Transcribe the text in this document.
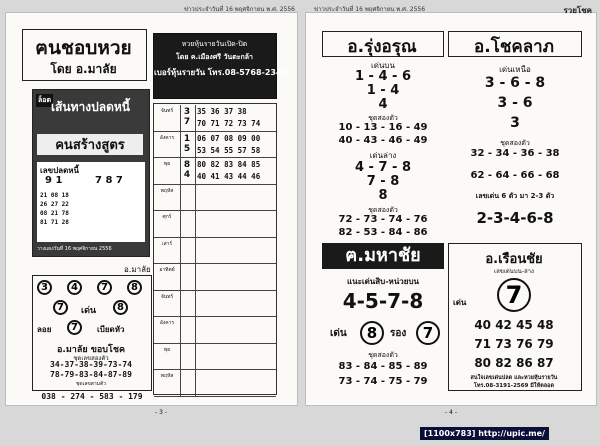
ข่าวประจำวันที่ 16 พฤศจิกายน พ.ศ. 2556
ฅนชอบหวย
โดย อ.มาลัย
หวยหุ้นรายวันเปิด-ปิด
โดย ค.เมืองศรี วันตะกล้า
เบอร์หุ้นรายวัน โทร.08-5768-2342
ล็อต เส้นทางปลดหนี้
คนสร้างสูตร
เลขปลดหนี้
9 1	7 8 7
21 08 18
26 27 22
08 21 78
81 71 28
วางแผงวันที่ 16 พฤศจิกายน 2556
จันทร์	3 7
35 36 37 38
70 71 72 73 74
อังคาร	1 5
06 07 08 09 00
53 54 55 57 58
พุธ	8 4
80 82 83 84 85
40 41 43 44 46
พฤหัส
ศุกร์
เสาร์
อาทิตย์
จันทร์
อังคาร
พุธ
พฤหัส
อ.มาลัย
3	4	7	8
7	เด่น	8
ลอย	7	เบียดหัว
อ.มาลัย ขอบโชค
ชุดเลขสองตัว
34-37-38-39-73-74
78-79-83-84-87-89
ชุดเลขสามตัว
038 - 274 - 583 - 179
- 3 -
ข่าวประจำวันที่ 16 พฤศจิกายน พ.ศ. 2556	รวยโชค
อ.รุ่งอรุณ
เด่นบน
1 - 4 - 6
1 - 4
4
ชุดสองตัว
10 - 13 - 16 - 49
40 - 43 - 46 - 49
เด่นล่าง
4 - 7 - 8
7 - 8
8
ชุดสองตัว
72 - 73 - 74 - 76
82 - 53 - 84 - 86
อ.โชคลาภ
เด่นเหนือ
3 - 6 - 8
3 - 6
3
ชุดสองตัว
32 - 34 - 36 - 38
62 - 64 - 66 - 68
เลขเด่น 6 ตัว มา 2-3 ตัว
2-3-4-6-8
ฅ.มหาชัย
แนะเด่นสิบ-หน่วยบน
4-5-7-8
เด่น	8	รอง	7
ชุดสองตัว
83 - 84 - 85 - 89
73 - 74 - 75 - 79
อ.เรือนชัย
เลขเด่นบน-ล่าง
เด่น	7
40 42 45 48
71 73 76 79
80 82 86 87
สนใจเลขเด่นปลด และหวยหุ้นรายวัน
โทร.08-3191-2569 มีให้ตลอด
- 4 -
[1100x783] http://upic.me/
